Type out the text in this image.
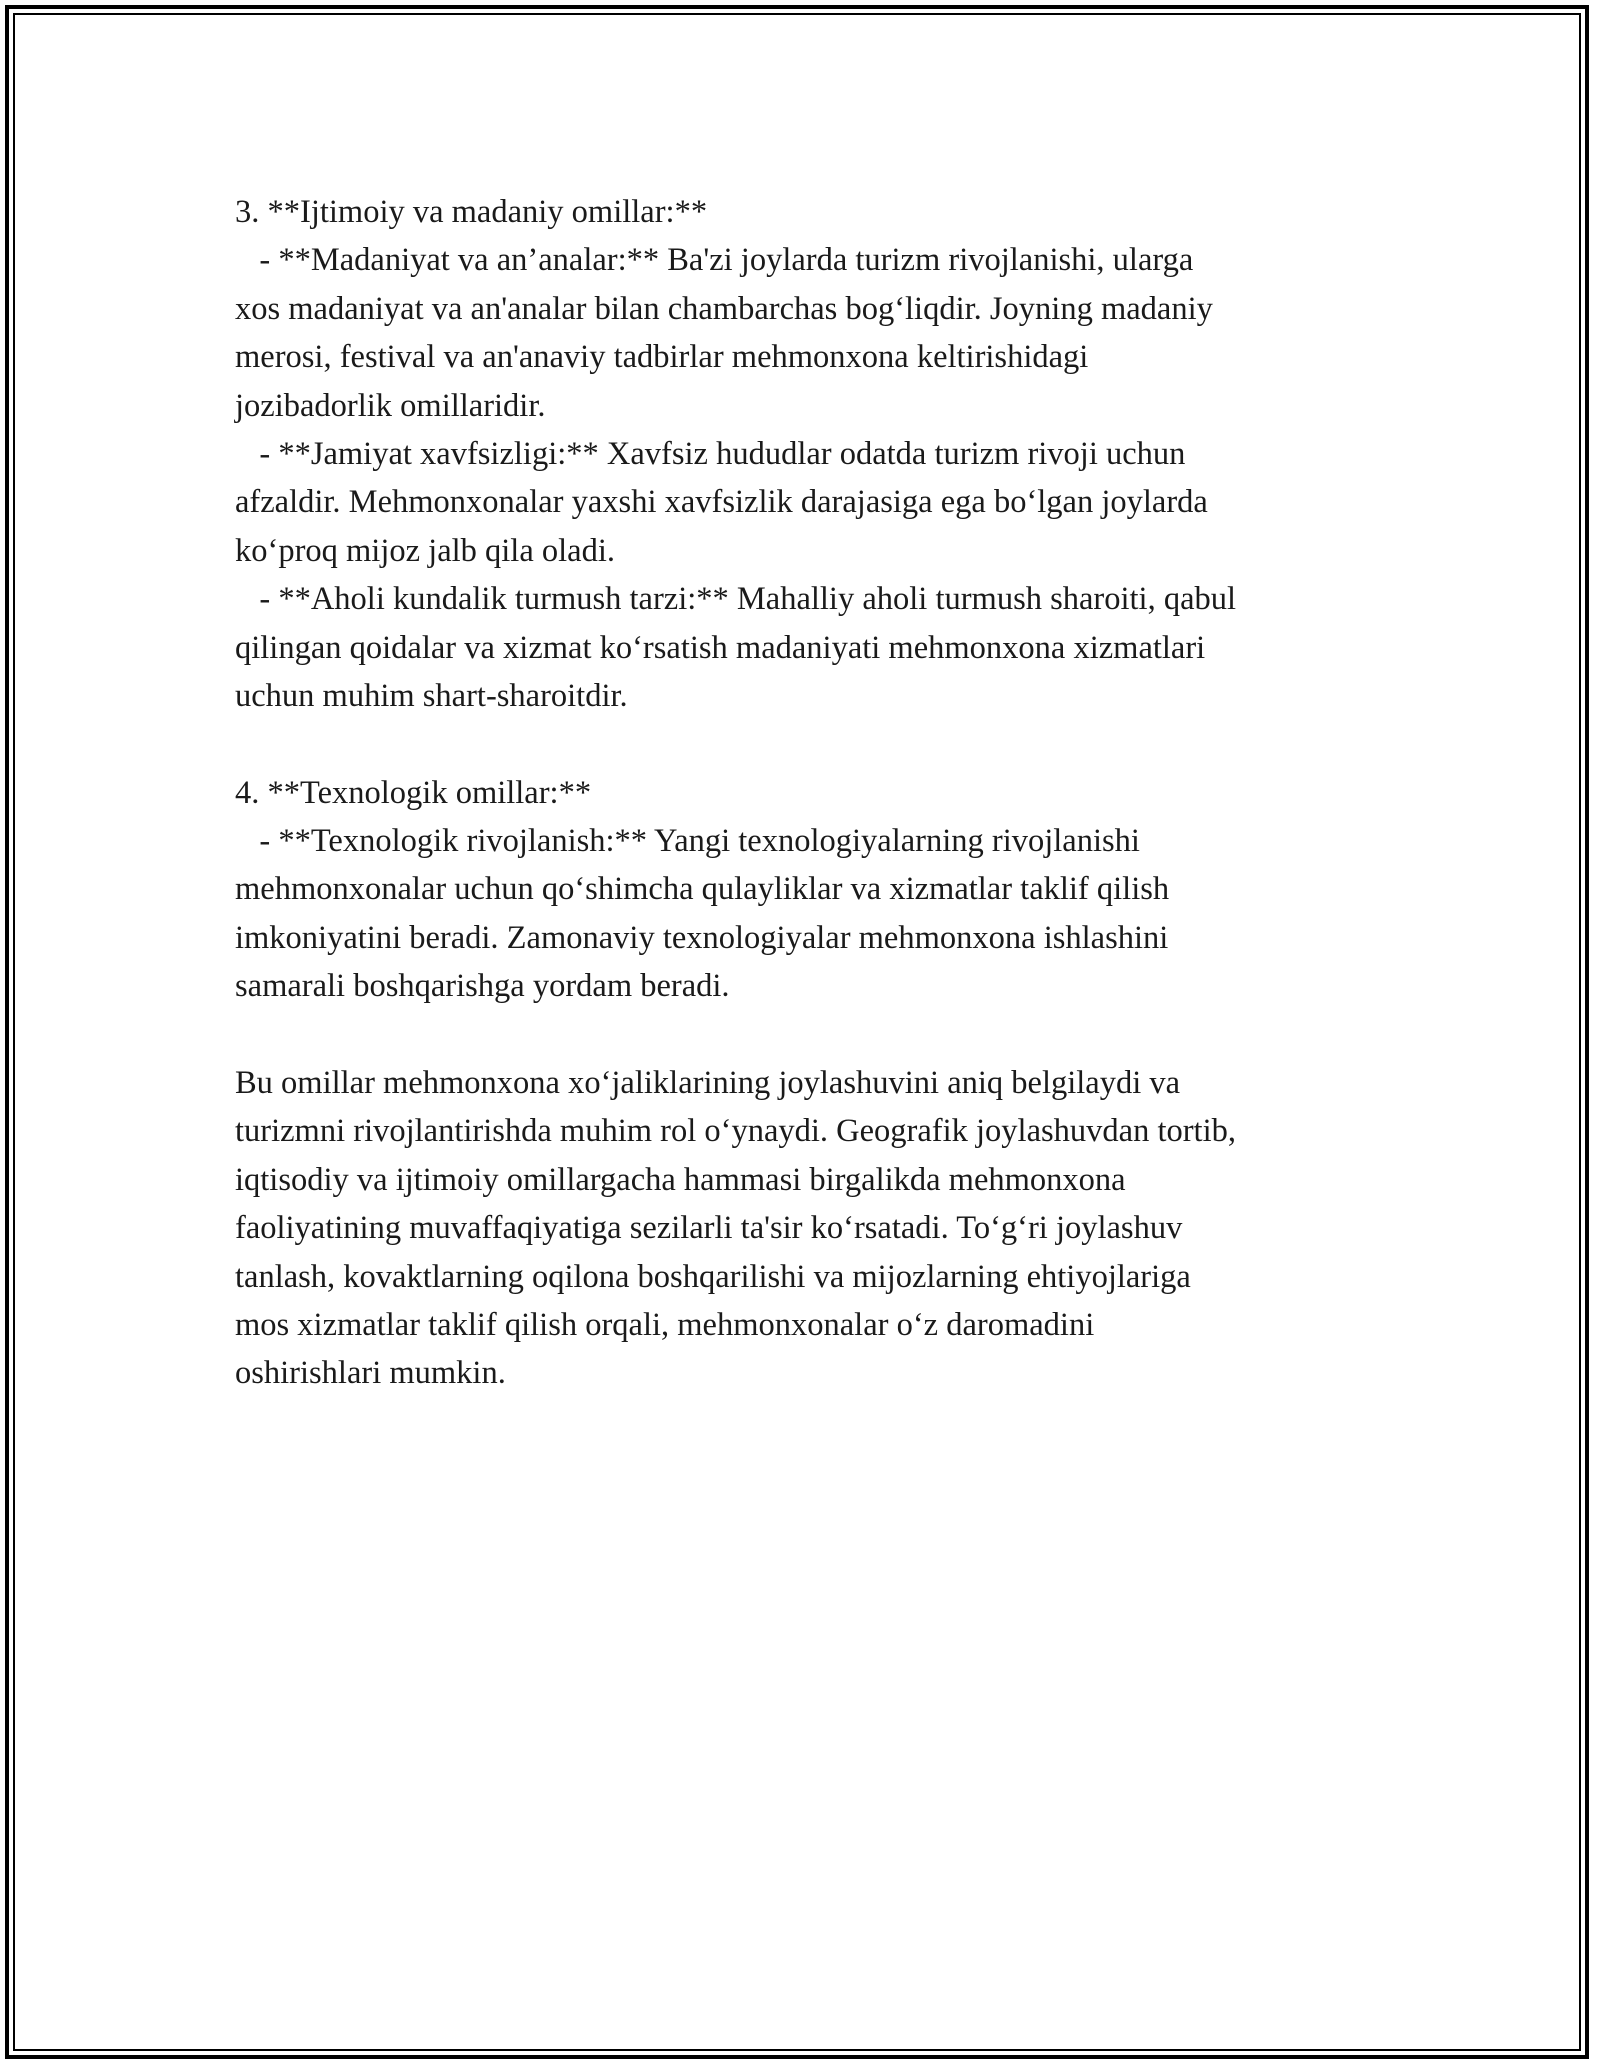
3. **Ijtimoiy va madaniy omillar:**
- **Madaniyat va an’analar:** Ba'zi joylarda turizm rivojlanishi, ularga
xos madaniyat va an'analar bilan chambarchas bog‘liqdir. Joyning madaniy
merosi, festival va an'anaviy tadbirlar mehmonxona keltirishidagi
jozibadorlik omillaridir.
- **Jamiyat xavfsizligi:** Xavfsiz hududlar odatda turizm rivoji uchun
afzaldir. Mehmonxonalar yaxshi xavfsizlik darajasiga ega bo‘lgan joylarda
ko‘proq mijoz jalb qila oladi.
- **Aholi kundalik turmush tarzi:** Mahalliy aholi turmush sharoiti, qabul
qilingan qoidalar va xizmat ko‘rsatish madaniyati mehmonxona xizmatlari
uchun muhim shart-sharoitdir.
4. **Texnologik omillar:**
- **Texnologik rivojlanish:** Yangi texnologiyalarning rivojlanishi
mehmonxonalar uchun qo‘shimcha qulayliklar va xizmatlar taklif qilish
imkoniyatini beradi. Zamonaviy texnologiyalar mehmonxona ishlashini
samarali boshqarishga yordam beradi.
Bu omillar mehmonxona xo‘jaliklarining joylashuvini aniq belgilaydi va
turizmni rivojlantirishda muhim rol o‘ynaydi. Geografik joylashuvdan tortib,
iqtisodiy va ijtimoiy omillargacha hammasi birgalikda mehmonxona
faoliyatining muvaffaqiyatiga sezilarli ta'sir ko‘rsatadi. To‘g‘ri joylashuv
tanlash, kovaktlarning oqilona boshqarilishi va mijozlarning ehtiyojlariga
mos xizmatlar taklif qilish orqali, mehmonxonalar o‘z daromadini
oshirishlari mumkin.
